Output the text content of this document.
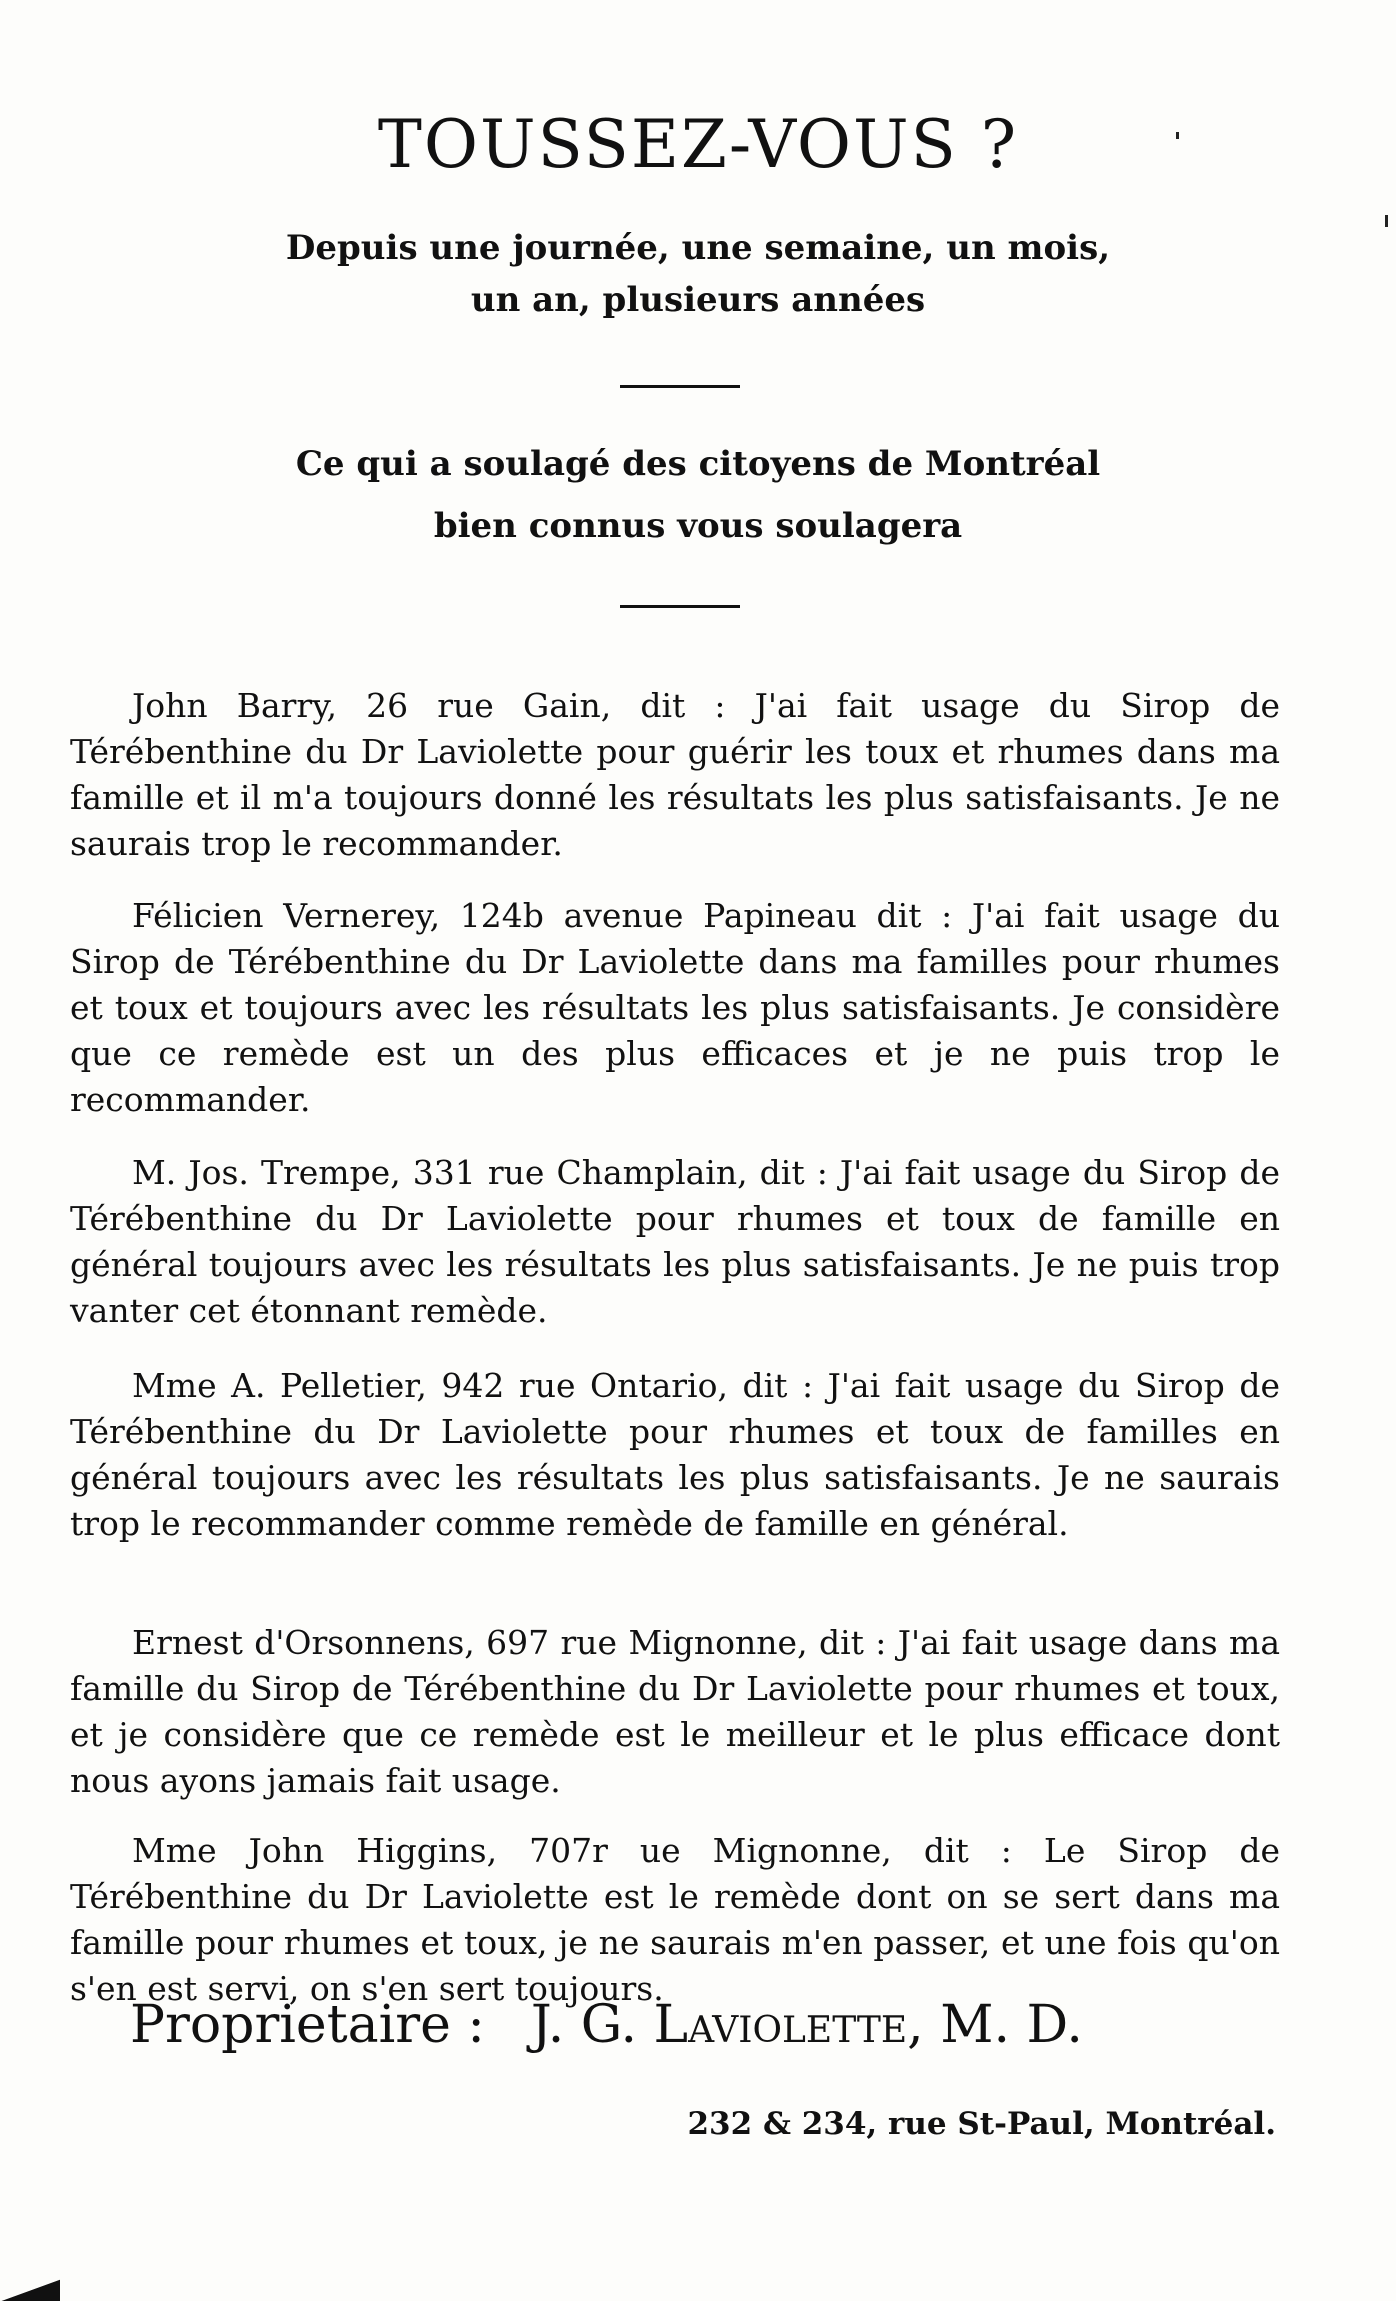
TOUSSEZ-VOUS ?
Depuis une journée, une semaine, un mois,
un an, plusieurs années
Ce qui a soulagé des citoyens de Montréal
bien connus vous soulagera

John Barry, 26 rue Gain, dit : J'ai fait usage du Sirop de Térébenthine du Dr Laviolette pour guérir les toux et rhumes dans ma famille et il m'a toujours donné les résultats les plus satisfaisants. Je ne saurais trop le recommander.

Félicien Vernerey, 124b avenue Papineau dit : J'ai fait usage du Sirop de Térébenthine du Dr Laviolette dans ma familles pour rhumes et toux et toujours avec les résultats les plus satisfaisants. Je considère que ce remède est un des plus efficaces et je ne puis trop le recommander.

M. Jos. Trempe, 331 rue Champlain, dit : J'ai fait usage du Sirop de Térébenthine du Dr Laviolette pour rhumes et toux de famille en général toujours avec les résultats les plus satisfaisants. Je ne puis trop vanter cet étonnant remède.

Mme A. Pelletier, 942 rue Ontario, dit : J'ai fait usage du Sirop de Térébenthine du Dr Laviolette pour rhumes et toux de familles en général toujours avec les résultats les plus satisfaisants. Je ne saurais trop le recommander comme remède de famille en général.

Ernest d'Orsonnens, 697 rue Mignonne, dit : J'ai fait usage dans ma famille du Sirop de Térébenthine du Dr Laviolette pour rhumes et toux, et je considère que ce remède est le meilleur et le plus efficace dont nous ayons jamais fait usage.

Mme John Higgins, 707r ue Mignonne, dit : Le Sirop de Térébenthine du Dr Laviolette est le remède dont on se sert dans ma famille pour rhumes et toux, je ne saurais m'en passer, et une fois qu'on s'en est servi, on s'en sert toujours.

Proprietaire : J. G. Laviolette, M. D.
232 & 234, rue St-Paul, Montréal.
